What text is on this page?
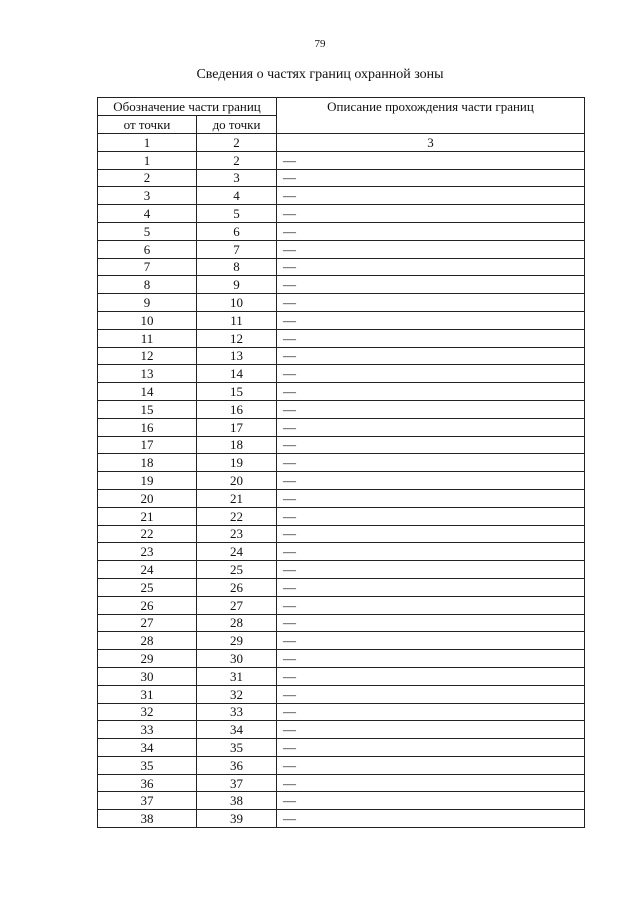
79
Сведения о частях границ охранной зоны
Обозначение части границ		Описание прохождения части границ
от точки	до точки	
1	2	3
1	2	—
2	3	—
3	4	—
4	5	—
5	6	—
6	7	—
7	8	—
8	9	—
9	10	—
10	11	—
11	12	—
12	13	—
13	14	—
14	15	—
15	16	—
16	17	—
17	18	—
18	19	—
19	20	—
20	21	—
21	22	—
22	23	—
23	24	—
24	25	—
25	26	—
26	27	—
27	28	—
28	29	—
29	30	—
30	31	—
31	32	—
32	33	—
33	34	—
34	35	—
35	36	—
36	37	—
37	38	—
38	39	—
